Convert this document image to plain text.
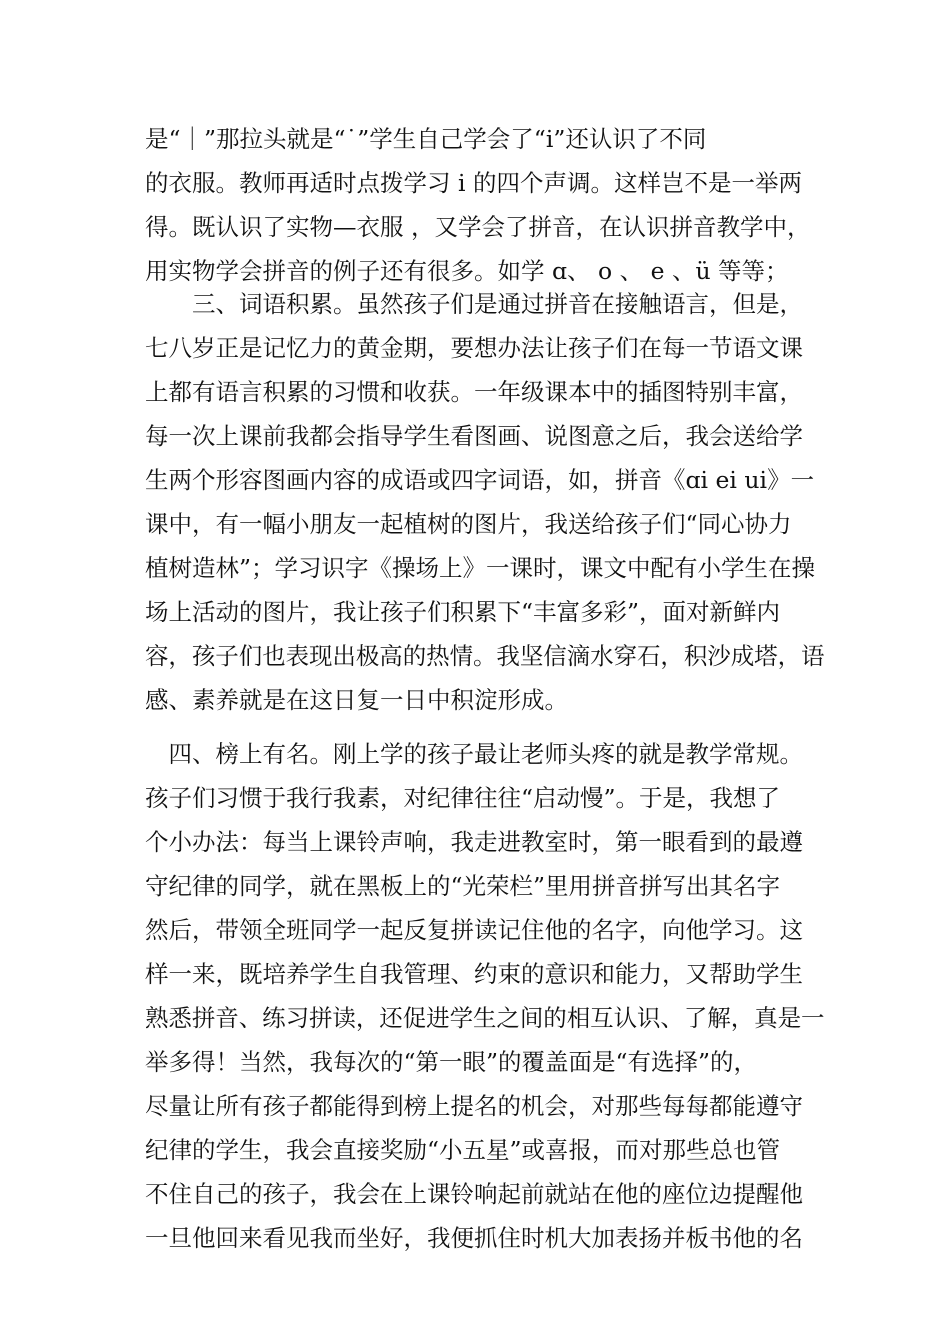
是“｜”那拉头就是“˙”学生自己学会了“i”还认识了不同
的衣服。教师再适时点拨学习 i 的四个声调。这样岂不是一举两
得。既认识了实物—衣服 ，又学会了拼音，在认识拼音教学中，
用实物学会拼音的例子还有很多。如学 ɑ、 o 、 e 、ü 等等；
　　三、词语积累。虽然孩子们是通过拼音在接触语言，但是，
七八岁正是记忆力的黄金期，要想办法让孩子们在每一节语文课
上都有语言积累的习惯和收获。一年级课本中的插图特别丰富，
每一次上课前我都会指导学生看图画、说图意之后，我会送给学
生两个形容图画内容的成语或四字词语，如，拼音《ɑi ei ui》一
课中，有一幅小朋友一起植树的图片，我送给孩子们“同心协力
植树造林”；学习识字《操场上》一课时，课文中配有小学生在操
场上活动的图片，我让孩子们积累下“丰富多彩”，面对新鲜内
容，孩子们也表现出极高的热情。我坚信滴水穿石，积沙成塔，语
感、素养就是在这日复一日中积淀形成。
　四、榜上有名。刚上学的孩子最让老师头疼的就是教学常规。
孩子们习惯于我行我素，对纪律往往“启动慢”。于是，我想了
个小办法：每当上课铃声响，我走进教室时，第一眼看到的最遵
守纪律的同学，就在黑板上的“光荣栏”里用拼音拼写出其名字
然后，带领全班同学一起反复拼读记住他的名字，向他学习。这
样一来，既培养学生自我管理、约束的意识和能力，又帮助学生
熟悉拼音、练习拼读，还促进学生之间的相互认识、了解，真是一
举多得！当然，我每次的“第一眼”的覆盖面是“有选择”的，
尽量让所有孩子都能得到榜上提名的机会，对那些每每都能遵守
纪律的学生，我会直接奖励“小五星”或喜报，而对那些总也管
不住自己的孩子，我会在上课铃响起前就站在他的座位边提醒他
一旦他回来看见我而坐好，我便抓住时机大加表扬并板书他的名
